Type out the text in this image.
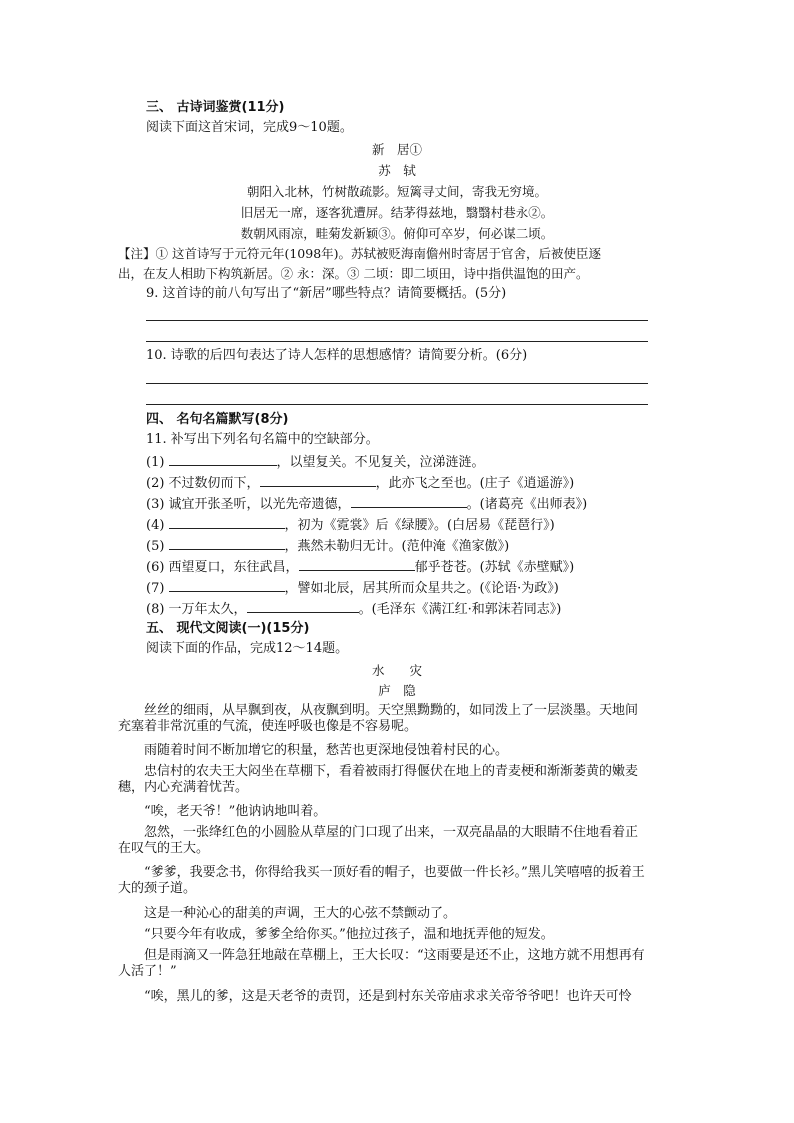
三、 古诗词鉴赏(11分)
阅读下面这首宋词，完成9～10题。
新　居①
苏　轼
朝阳入北林，竹树散疏影。短篱寻丈间，寄我无穷境。
旧居无一席，逐客犹遭屏。结茅得兹地，翳翳村巷永②。
数朝风雨凉，畦菊发新颖③。俯仰可卒岁，何必谋二顷。
【注】① 这首诗写于元符元年(1098年)。苏轼被贬海南儋州时寄居于官舍，后被使臣逐
出，在友人相助下构筑新居。② 永：深。③ 二顷：即二顷田，诗中指供温饱的田产。
9. 这首诗的前八句写出了“新居”哪些特点？请简要概括。(5分)
10. 诗歌的后四句表达了诗人怎样的思想感情？请简要分析。(6分)
四、 名句名篇默写(8分)
11. 补写出下列名句名篇中的空缺部分。
(1)	，以望复关。不见复关，泣涕涟涟。
(2) 不过数仞而下，	，此亦飞之至也。(庄子《逍遥游》)
(3) 诚宜开张圣听，以光先帝遗德，	。(诸葛亮《出师表》)
(4)	，初为《霓裳》后《绿腰》。(白居易《琵琶行》)
(5)	，燕然未勒归无计。(范仲淹《渔家傲》)
(6) 西望夏口，东往武昌，	郁乎苍苍。(苏轼《赤壁赋》)
(7)	，譬如北辰，居其所而众星共之。(《论语·为政》)
(8) 一万年太久，	。(毛泽东《满江红·和郭沫若同志》)
五、 现代文阅读(一)(15分)
阅读下面的作品，完成12～14题。
水　　灾
庐　隐
丝丝的细雨，从早飘到夜，从夜飘到明。天空黑黝黝的，如同泼上了一层淡墨。天地间充塞着非常沉重的气流，使连呼吸也像是不容易呢。
雨随着时间不断加增它的积量，愁苦也更深地侵蚀着村民的心。
忠信村的农夫王大闷坐在草棚下，看着被雨打得偃伏在地上的青麦梗和渐渐萎黄的嫩麦穗，内心充满着忧苦。
“唉，老天爷！”他讷讷地叫着。
忽然，一张绛红色的小圆脸从草屋的门口现了出来，一双亮晶晶的大眼睛不住地看着正在叹气的王大。
“爹爹，我要念书，你得给我买一顶好看的帽子，也要做一件长衫。”黑儿笑嘻嘻的扳着王大的颈子道。
这是一种沁心的甜美的声调，王大的心弦不禁颤动了。
“只要今年有收成，爹爹全给你买。”他拉过孩子，温和地抚弄他的短发。
但是雨滴又一阵急狂地敲在草棚上，王大长叹：“这雨要是还不止，这地方就不用想再有人活了！”
“唉，黑儿的爹，这是天老爷的责罚，还是到村东关帝庙求求关帝爷爷吧！也许天可怜
